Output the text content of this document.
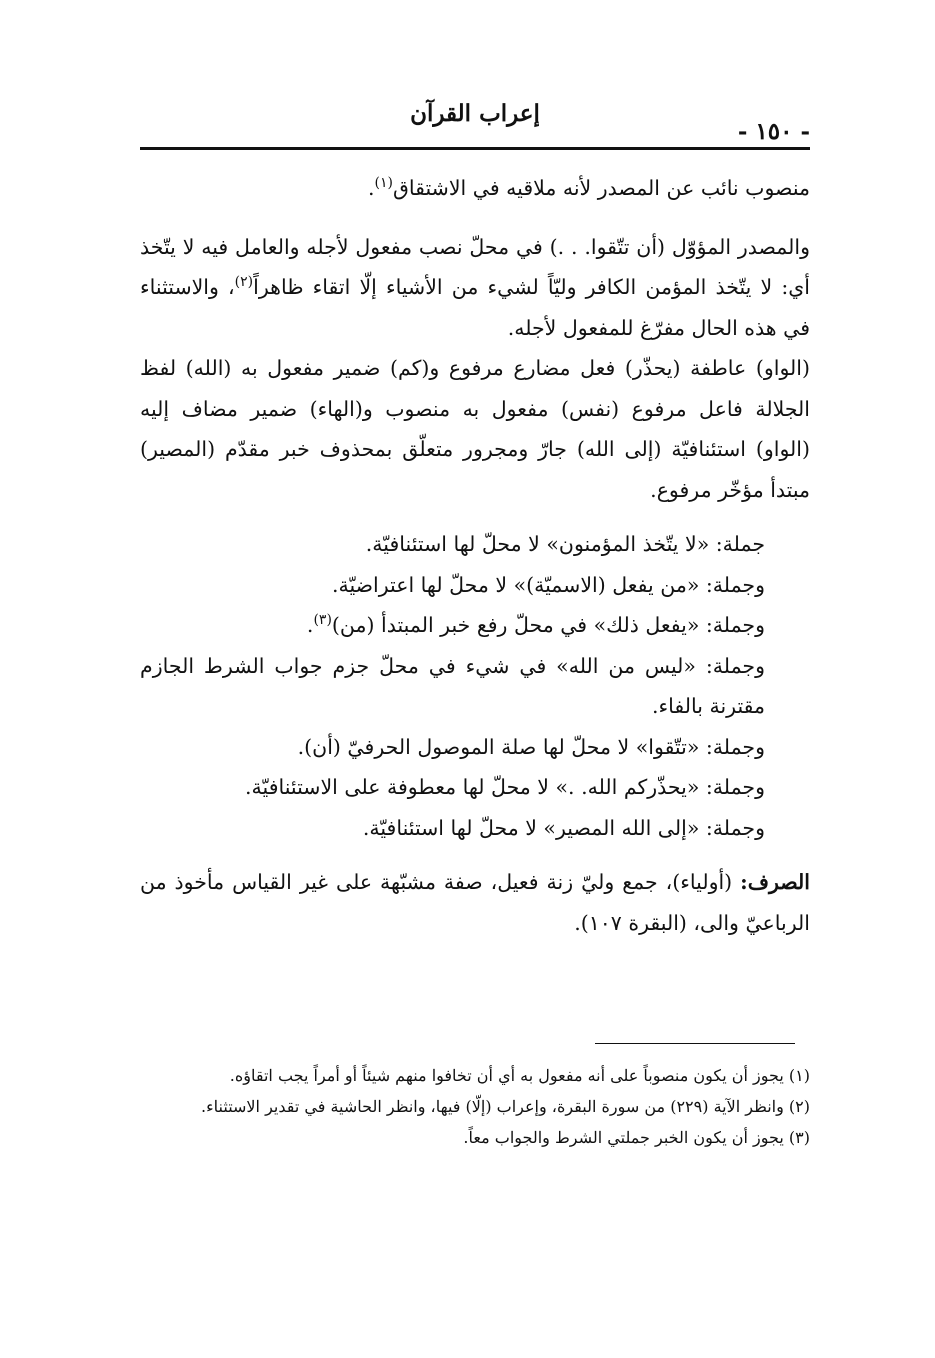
- ١٥٠ -
إعراب القرآن

منصوب نائب عن المصدر لأنه ملاقيه في الاشتقاق$^{(١)}$.

والمصدر المؤوّل (أن تتّقوا. . .) في محلّ نصب مفعول لأجله والعامل فيه لا يتّخذ أي: لا يتّخذ المؤمن الكافر وليّاً لشيء من الأشياء إلّا اتقاء ظاهراً$^{(٢)}$، والاستثناء في هذه الحال مفرّغ للمفعول لأجله.

(الواو) عاطفة (يحذّر) فعل مضارع مرفوع و(كم) ضمير مفعول به (الله) لفظ الجلالة فاعل مرفوع (نفس) مفعول به منصوب و(الهاء) ضمير مضاف إليه (الواو) استئنافيّة (إلى الله) جارّ ومجرور متعلّق بمحذوف خبر مقدّم (المصير) مبتدأ مؤخّر مرفوع.

جملة: «لا يتّخذ المؤمنون» لا محلّ لها استئنافيّة.

وجملة: «من يفعل (الاسميّة)» لا محلّ لها اعتراضيّة.

وجملة: «يفعل ذلك» في محلّ رفع خبر المبتدأ (من)$^{(٣)}$.

وجملة: «ليس من الله» في شيء في محلّ جزم جواب الشرط الجازم مقترنة بالفاء.

وجملة: «تتّقوا» لا محلّ لها صلة الموصول الحرفيّ (أن).

وجملة: «يحذّركم الله. .» لا محلّ لها معطوفة على الاستئنافيّة.

وجملة: «إلى الله المصير» لا محلّ لها استئنافيّة.

الصرف: (أولياء)، جمع وليّ زنة فعيل، صفة مشبّهة على غير القياس مأخوذ من الرباعيّ والى، (البقرة ١٠٧).

(١) يجوز أن يكون منصوباً على أنه مفعول به أي أن تخافوا منهم شيئاً أو أمراً يجب اتقاؤه.

(٢) وانظر الآية (٢٢٩) من سورة البقرة، وإعراب (إلّا) فيها، وانظر الحاشية في تقدير الاستثناء.

(٣) يجوز أن يكون الخبر جملتي الشرط والجواب معاً.
